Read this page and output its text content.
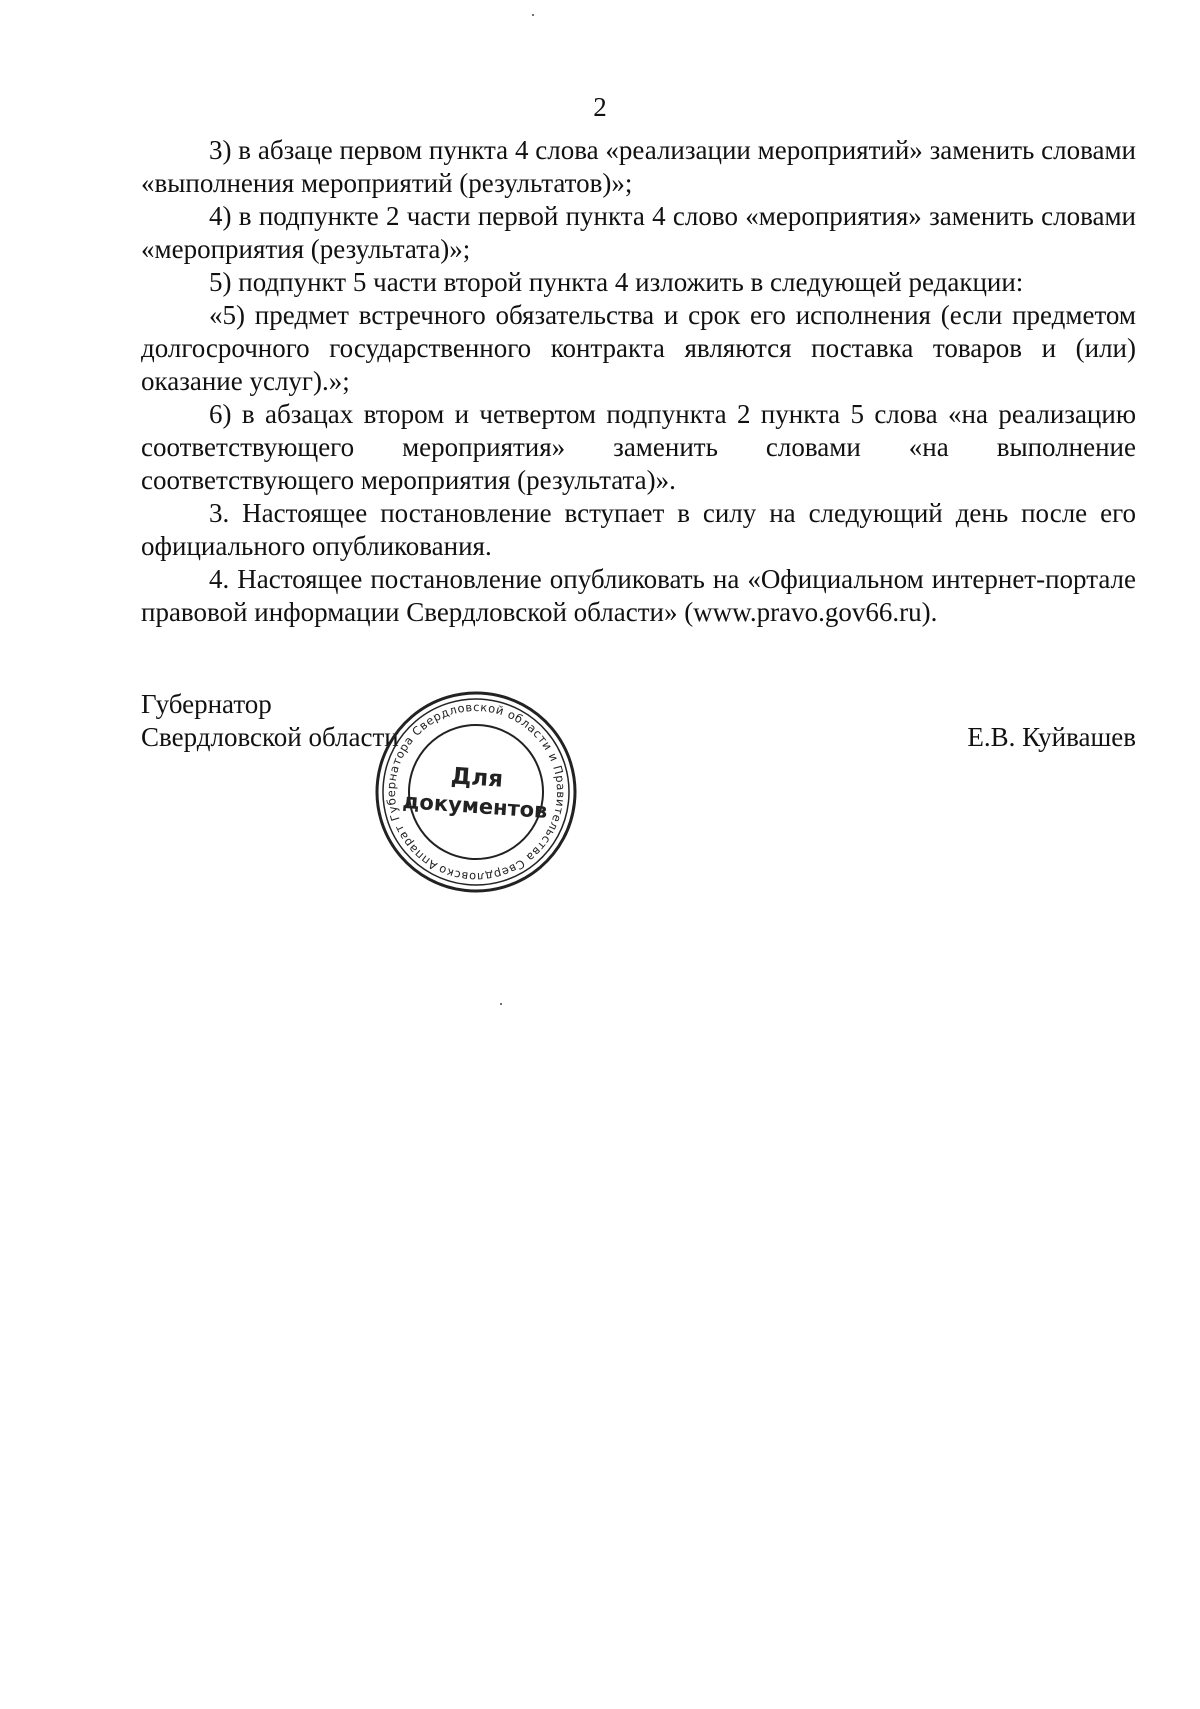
2

3) в абзаце первом пункта 4 слова «реализации мероприятий» заменить словами «выполнения мероприятий (результатов)»;

4) в подпункте 2 части первой пункта 4 слово «мероприятия» заменить словами «мероприятия (результата)»;

5) подпункт 5 части второй пункта 4 изложить в следующей редакции:

«5) предмет встречного обязательства и срок его исполнения (если предметом долгосрочного государственного контракта являются поставка товаров и (или) оказание услуг).»;

6) в абзацах втором и четвертом подпункта 2 пункта 5 слова «на реализацию соответствующего мероприятия» заменить словами «на выполнение соответствующего мероприятия (результата)».

3. Настоящее постановление вступает в силу на следующий день после его официального опубликования.

4. Настоящее постановление опубликовать на «Официальном интернет-портале правовой информации Свердловской области» (www.pravo.gov66.ru).

Губернатор

Свердловской области	Е.В. Куйвашев

Аппарат Губернатора Свердловской области и Правительства Свердловской
Для
документов
